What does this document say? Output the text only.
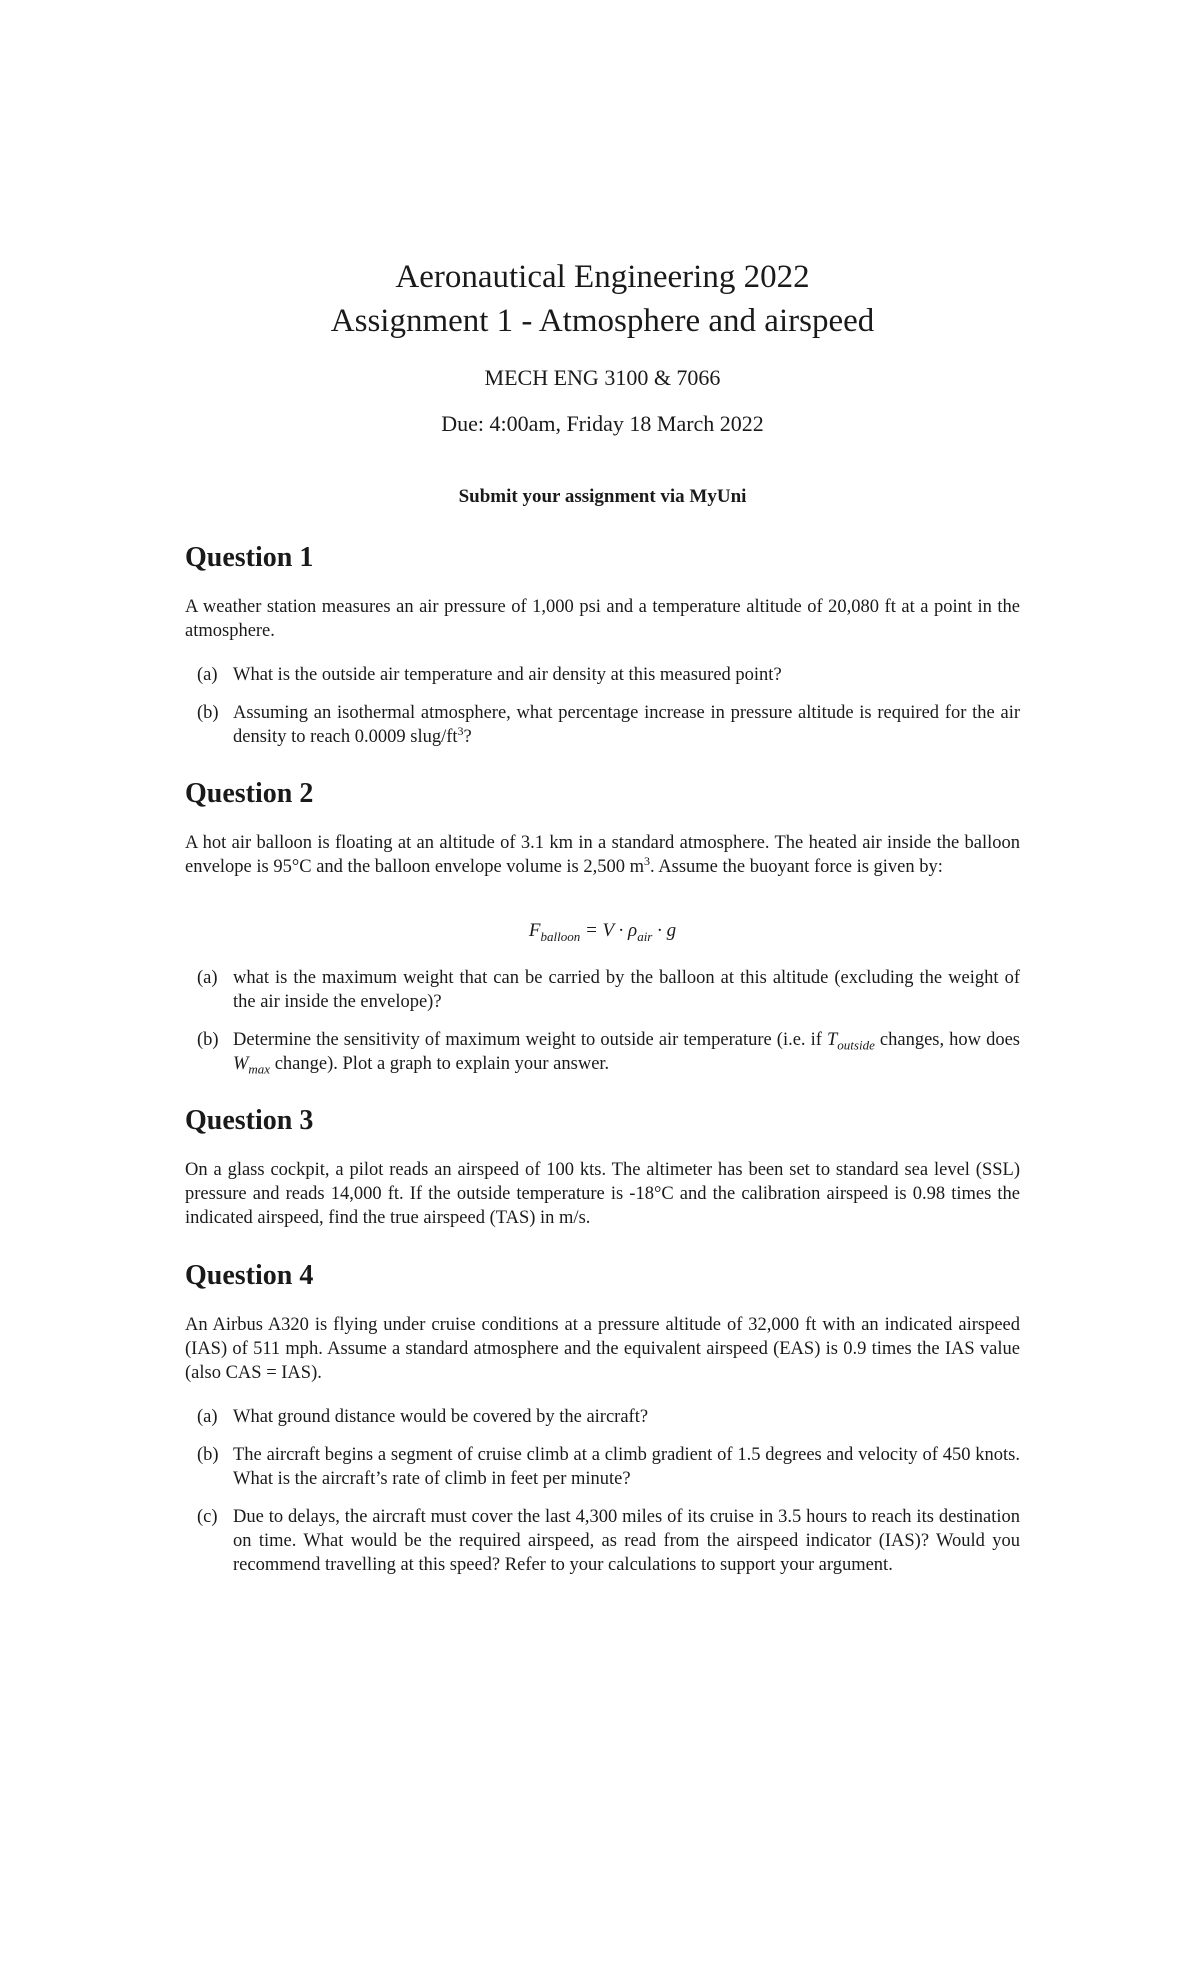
Aeronautical Engineering 2022

Assignment 1 - Atmosphere and airspeed

MECH ENG 3100 & 7066

Due: 4:00am, Friday 18 March 2022

Submit your assignment via MyUni

Question 1

A weather station measures an air pressure of 1,000 psi and a temperature altitude of 20,080 ft at a point in the atmosphere.

(a) What is the outside air temperature and air density at this measured point?
(b) Assuming an isothermal atmosphere, what percentage increase in pressure altitude is required for the air density to reach 0.0009 slug/$ft^3$?
Question 2

A hot air balloon is floating at an altitude of 3.1 km in a standard atmosphere. The heated air inside the balloon envelope is 95°C and the balloon envelope volume is 2,500 $m^3$. Assume the buoyant force is given by:

$F_{balloon} = V \cdot \rho_{air} \cdot g$
(a) what is the maximum weight that can be carried by the balloon at this altitude (excluding the weight of the air inside the envelope)?
(b) Determine the sensitivity of maximum weight to outside air temperature (i.e. if $T_{outside}$ changes, how does $W_{max}$ change). Plot a graph to explain your answer.
Question 3

On a glass cockpit, a pilot reads an airspeed of 100 kts. The altimeter has been set to standard sea level (SSL) pressure and reads 14,000 ft. If the outside temperature is -18°C and the calibration airspeed is 0.98 times the indicated airspeed, find the true airspeed (TAS) in m/s.

Question 4

An Airbus A320 is flying under cruise conditions at a pressure altitude of 32,000 ft with an indicated airspeed (IAS) of 511 mph. Assume a standard atmosphere and the equivalent airspeed (EAS) is 0.9 times the IAS value (also CAS = IAS).

(a) What ground distance would be covered by the aircraft?
(b) The aircraft begins a segment of cruise climb at a climb gradient of 1.5 degrees and velocity of 450 knots. What is the aircraft’s rate of climb in feet per minute?
(c) Due to delays, the aircraft must cover the last 4,300 miles of its cruise in 3.5 hours to reach its destination on time. What would be the required airspeed, as read from the airspeed indicator (IAS)? Would you recommend travelling at this speed? Refer to your calculations to support your argument.
